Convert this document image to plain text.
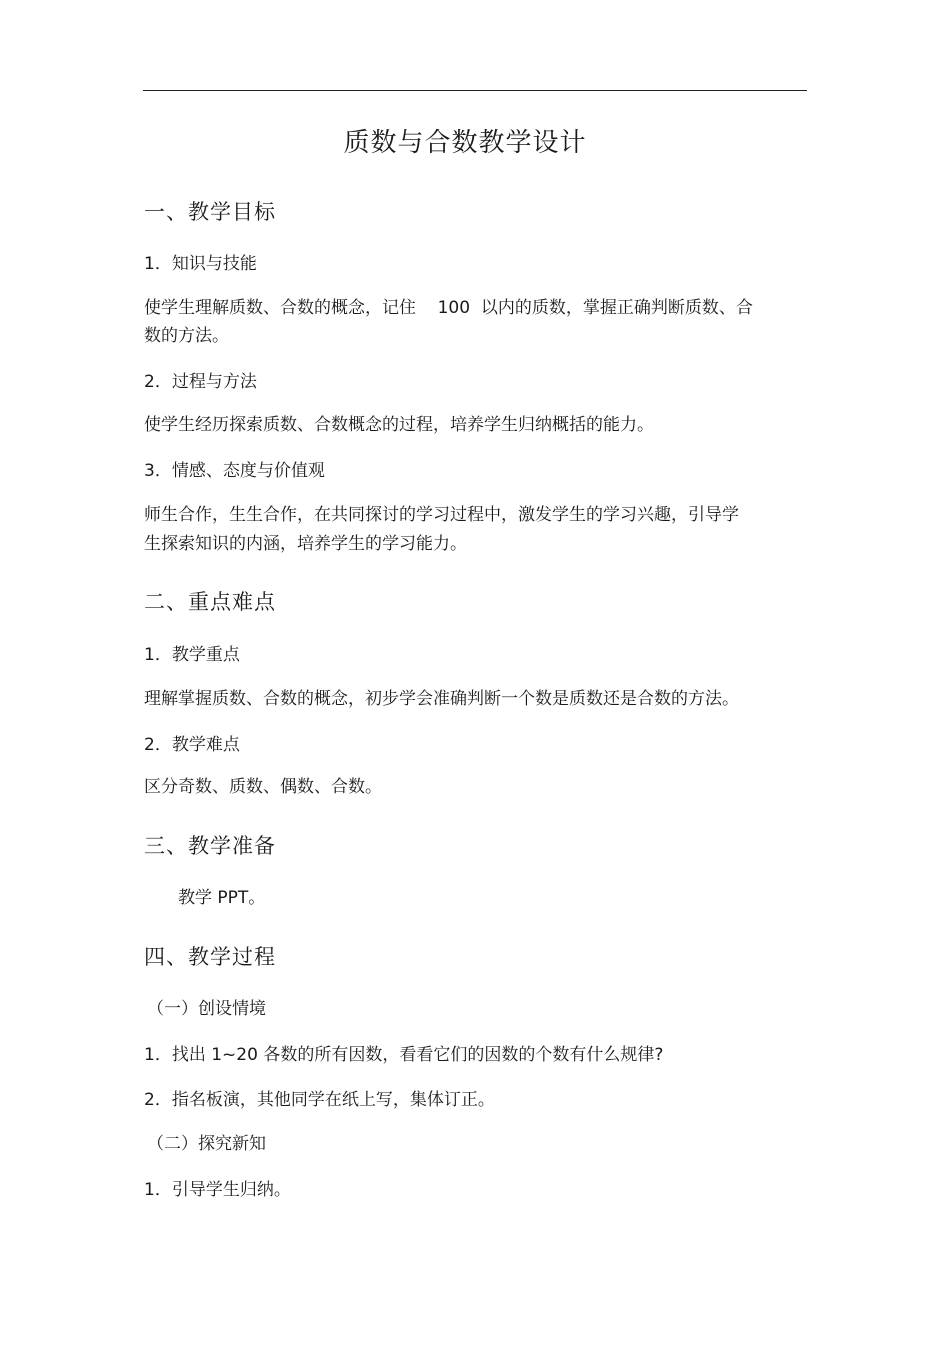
质数与合数教学设计
一、教学目标
1．知识与技能
使学生理解质数、合数的概念，记住    100  以内的质数，掌握正确判断质数、合
数的方法。
2．过程与方法
使学生经历探索质数、合数概念的过程，培养学生归纳概括的能力。
3．情感、态度与价值观
师生合作，生生合作，在共同探讨的学习过程中，激发学生的学习兴趣，引导学
生探索知识的内涵，培养学生的学习能力。
二、重点难点
1．教学重点
理解掌握质数、合数的概念，初步学会准确判断一个数是质数还是合数的方法。
2．教学难点
区分奇数、质数、偶数、合数。
三、教学准备
教学 PPT。
四、教学过程
（一）创设情境
1．找出 1~20 各数的所有因数，看看它们的因数的个数有什么规律?
2．指名板演，其他同学在纸上写，集体订正。
（二）探究新知
1．引导学生归纳。
